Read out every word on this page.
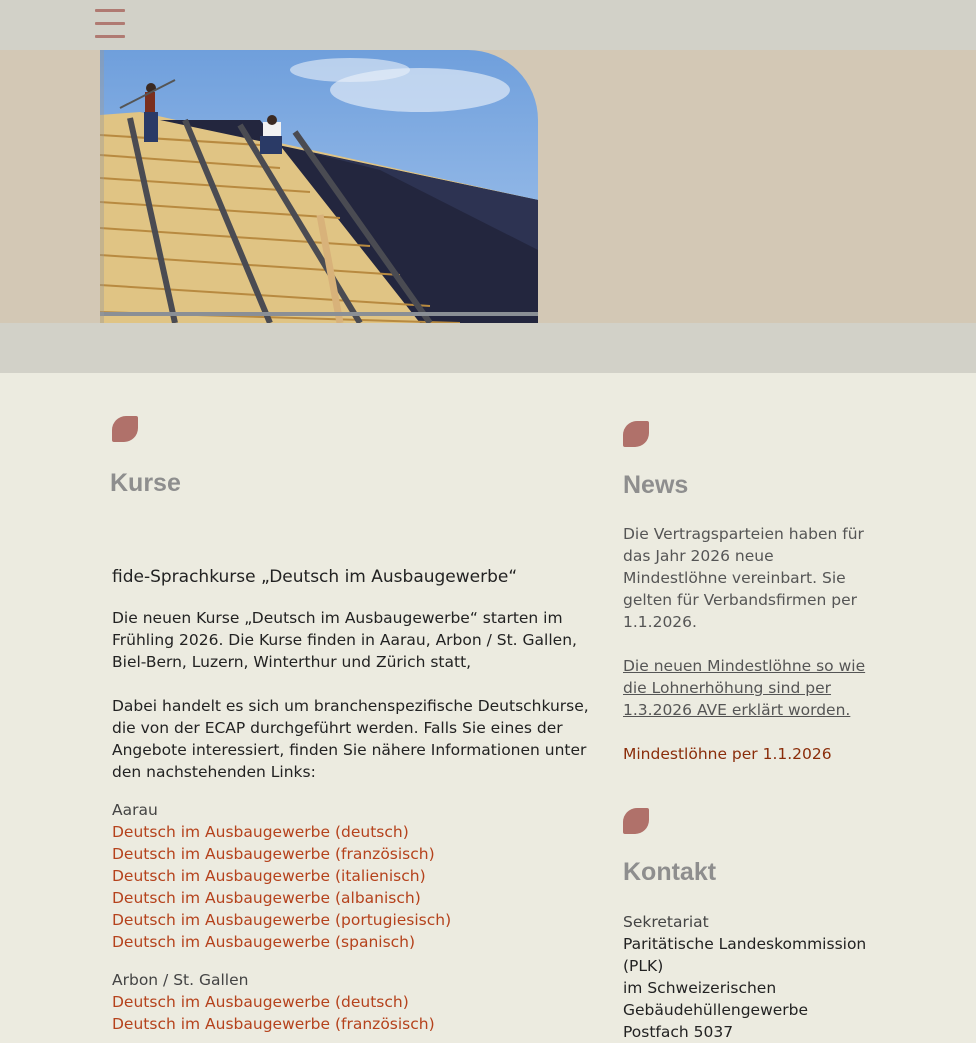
Kurse
fide-Sprachkurse „Deutsch im Ausbaugewerbe“

Die neuen Kurse „Deutsch im Ausbaugewerbe“ starten im Frühling 2026. Die Kurse finden in Aarau, Arbon / St. Gallen, Biel-Bern, Luzern, Winterthur und Zürich statt,

Dabei handelt es sich um branchenspezifische Deutschkurse, die von der ECAP durchgeführt werden. Falls Sie eines der Angebote interessiert, finden Sie nähere Informationen unter den nachstehenden Links:

Aarau

Deutsch im Ausbaugewerbe (deutsch)
Deutsch im Ausbaugewerbe (französisch)
Deutsch im Ausbaugewerbe (italienisch)
Deutsch im Ausbaugewerbe (albanisch)
Deutsch im Ausbaugewerbe (portugiesisch)
Deutsch im Ausbaugewerbe (spanisch)

Arbon / St. Gallen

Deutsch im Ausbaugewerbe (deutsch)
Deutsch im Ausbaugewerbe (französisch)
News

Die Vertragsparteien haben für das Jahr 2026 neue Mindestlöhne vereinbart. Sie gelten für Verbandsfirmen per 1.1.2026.

Die neuen Mindestlöhne so wie die Lohnerhöhung sind per 1.3.2026 AVE erklärt worden.
Mindestlöhne per 1.1.2026
Kontakt

Sekretariat

Paritätische Landeskommission (PLK)

im Schweizerischen Gebäudehüllengewerbe

Postfach 5037
